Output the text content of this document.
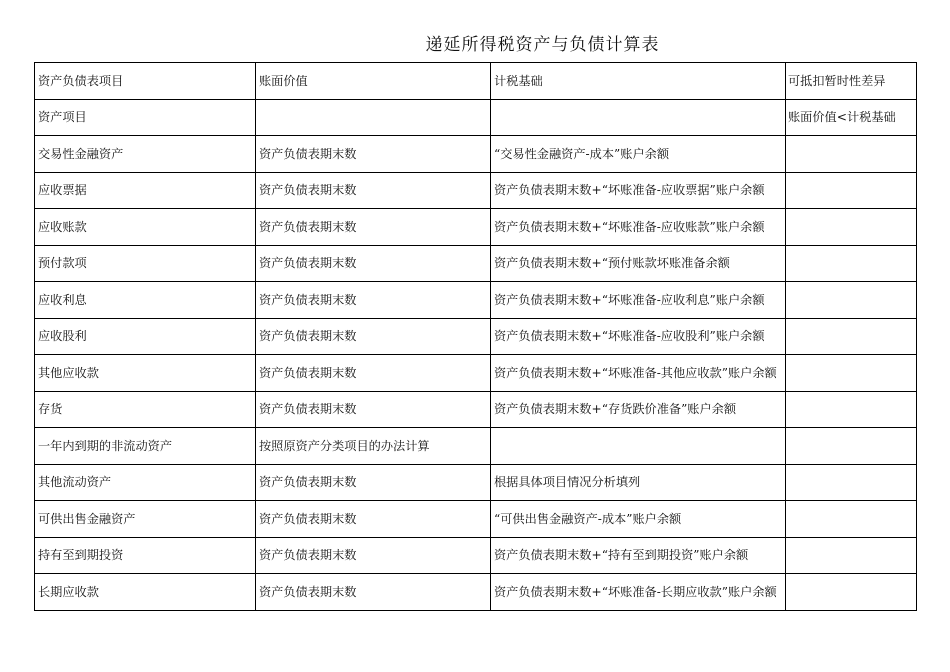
递延所得税资产与负债计算表
资产负债表项目	账面价值	计税基础	可抵扣暂时性差异
资产项目			账面价值<计税基础
交易性金融资产	资产负债表期末数	“交易性金融资产-成本”账户余额	
应收票据	资产负债表期末数	资产负债表期末数+“坏账准备-应收票据”账户余额	
应收账款	资产负债表期末数	资产负债表期末数+“坏账准备-应收账款”账户余额	
预付款项	资产负债表期末数	资产负债表期末数+“预付账款坏账准备余额	
应收利息	资产负债表期末数	资产负债表期末数+“坏账准备-应收利息”账户余额	
应收股利	资产负债表期末数	资产负债表期末数+“坏账准备-应收股利”账户余额	
其他应收款	资产负债表期末数	资产负债表期末数+“坏账准备-其他应收款”账户余额	
存货	资产负债表期末数	资产负债表期末数+“存货跌价准备”账户余额	
一年内到期的非流动资产	按照原资产分类项目的办法计算		
其他流动资产	资产负债表期末数	根据具体项目情况分析填列	
可供出售金融资产	资产负债表期末数	“可供出售金融资产-成本”账户余额	
持有至到期投资	资产负债表期末数	资产负债表期末数+“持有至到期投资”账户余额	
长期应收款	资产负债表期末数	资产负债表期末数+“坏账准备-长期应收款”账户余额	
